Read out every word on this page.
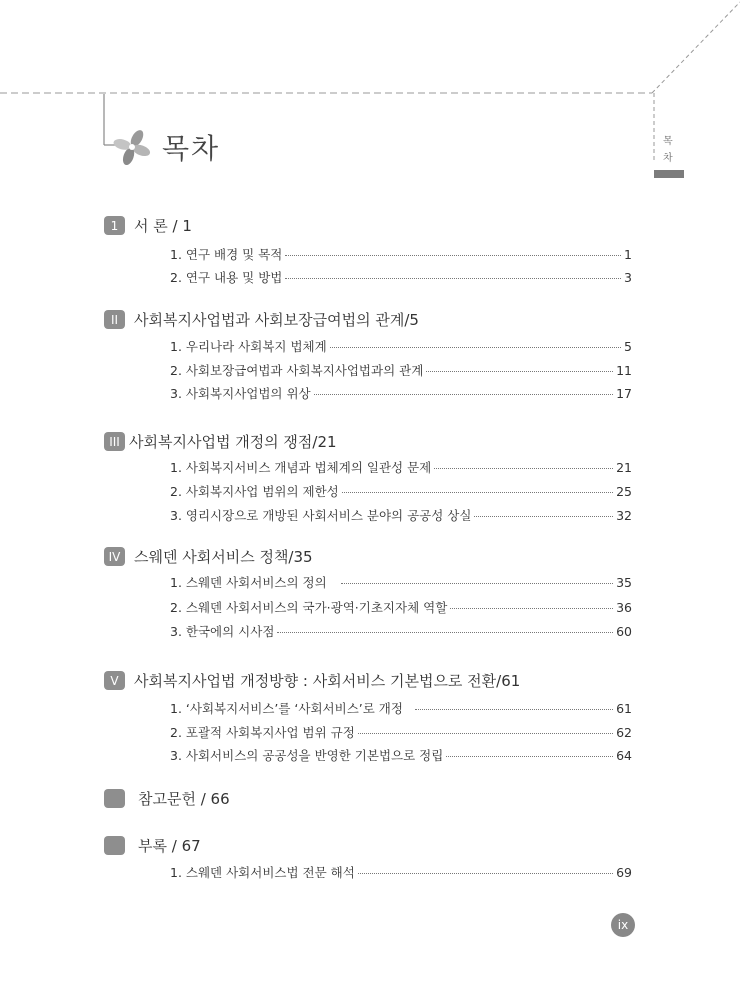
목차	목
차
1	서 론 / 1
1. 연구 배경 및 목적	1
2. 연구 내용 및 방법	3
II	사회복지사업법과 사회보장급여법의 관계/5
1. 우리나라 사회복지 법체계	5
2. 사회보장급여법과 사회복지사업법과의 관계	11
3. 사회복지사업법의 위상	17
III 사회복지사업법 개정의 쟁점/21
1. 사회복지서비스 개념과 법체계의 일관성 문제	21
2. 사회복지사업 범위의 제한성	25
3. 영리시장으로 개방된 사회서비스 분야의 공공성 상실	32
IV 스웨덴 사회서비스 정책/35
1. 스웨덴 사회서비스의 정의	35
2. 스웨덴 사회서비스의 국가·광역·기초지자체 역할	36
3. 한국에의 시사점	60
V	사회복지사업법 개정방향 : 사회서비스 기본법으로 전환/61
1. ‘사회복지서비스’를 ‘사회서비스’로 개정	61
2. 포괄적 사회복지사업 범위 규정	62
3. 사회서비스의 공공성을 반영한 기본법으로 정립	64
참고문헌 / 66
부록 / 67
1. 스웨덴 사회서비스법 전문 해석	69
ix
